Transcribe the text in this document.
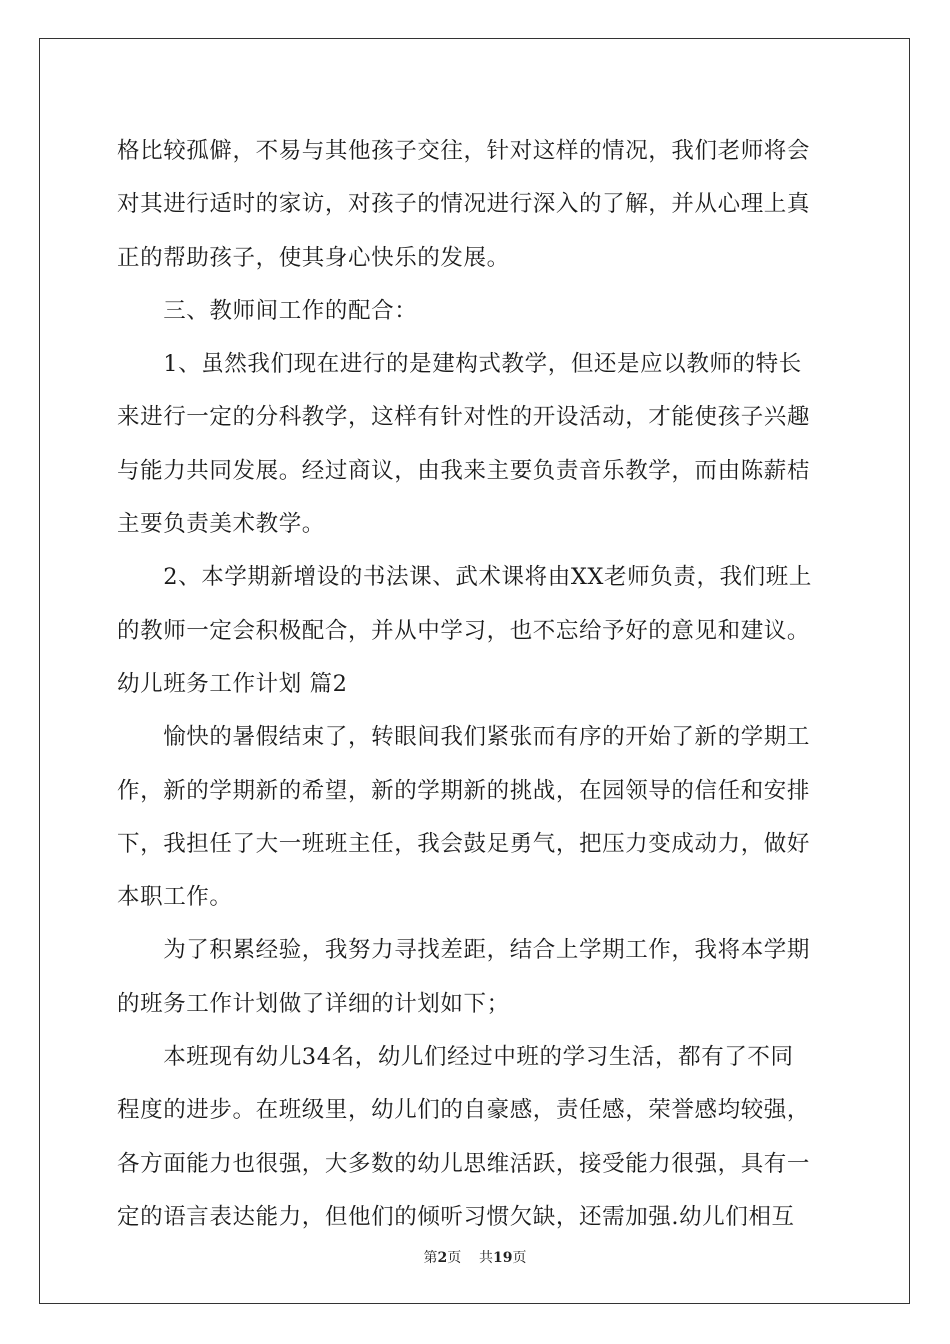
格比较孤僻，不易与其他孩子交往，针对这样的情况，我们老师将会
对其进行适时的家访，对孩子的情况进行深入的了解，并从心理上真
正的帮助孩子，使其身心快乐的发展。
　　三、教师间工作的配合：
　　1、虽然我们现在进行的是建构式教学，但还是应以教师的特长
来进行一定的分科教学，这样有针对性的开设活动，才能使孩子兴趣
与能力共同发展。经过商议，由我来主要负责音乐教学，而由陈薪桔
主要负责美术教学。
　　2、本学期新增设的书法课、武术课将由XX老师负责，我们班上
的教师一定会积极配合，并从中学习，也不忘给予好的意见和建议。
幼儿班务工作计划 篇2
　　愉快的暑假结束了，转眼间我们紧张而有序的开始了新的学期工
作，新的学期新的希望，新的学期新的挑战，在园领导的信任和安排
下，我担任了大一班班主任，我会鼓足勇气，把压力变成动力，做好
本职工作。
　　为了积累经验，我努力寻找差距，结合上学期工作，我将本学期
的班务工作计划做了详细的计划如下；
　　本班现有幼儿34名，幼儿们经过中班的学习生活，都有了不同
程度的进步。在班级里，幼儿们的自豪感，责任感，荣誉感均较强，
各方面能力也很强，大多数的幼儿思维活跃，接受能力很强，具有一
定的语言表达能力，但他们的倾听习惯欠缺，还需加强.幼儿们相互
第2页 共19页
